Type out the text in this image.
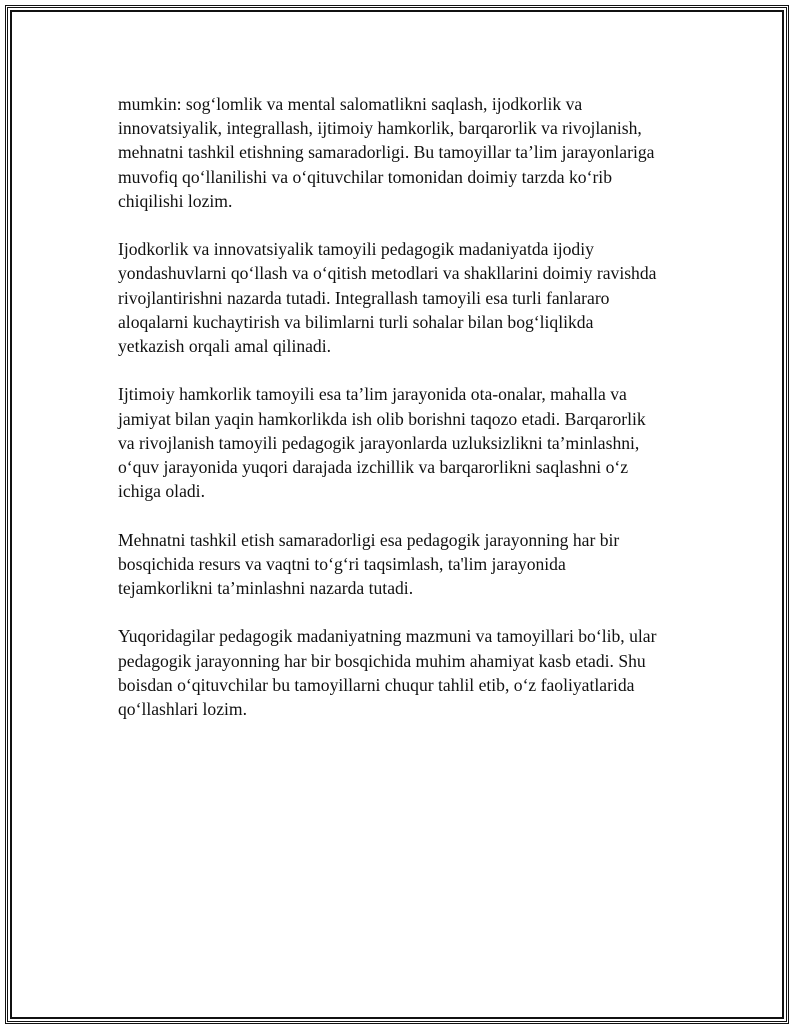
mumkin: sog‘lomlik va mental salomatlikni saqlash, ijodkorlik va
innovatsiyalik, integrallash, ijtimoiy hamkorlik, barqarorlik va rivojlanish,
mehnatni tashkil etishning samaradorligi. Bu tamoyillar ta’lim jarayonlariga
muvofiq qo‘llanilishi va o‘qituvchilar tomonidan doimiy tarzda ko‘rib
chiqilishi lozim.

Ijodkorlik va innovatsiyalik tamoyili pedagogik madaniyatda ijodiy
yondashuvlarni qo‘llash va o‘qitish metodlari va shakllarini doimiy ravishda
rivojlantirishni nazarda tutadi. Integrallash tamoyili esa turli fanlararo
aloqalarni kuchaytirish va bilimlarni turli sohalar bilan bog‘liqlikda
yetkazish orqali amal qilinadi.

Ijtimoiy hamkorlik tamoyili esa ta’lim jarayonida ota-onalar, mahalla va
jamiyat bilan yaqin hamkorlikda ish olib borishni taqozo etadi. Barqarorlik
va rivojlanish tamoyili pedagogik jarayonlarda uzluksizlikni ta’minlashni,
o‘quv jarayonida yuqori darajada izchillik va barqarorlikni saqlashni o‘z
ichiga oladi.

Mehnatni tashkil etish samaradorligi esa pedagogik jarayonning har bir
bosqichida resurs va vaqtni to‘g‘ri taqsimlash, ta'lim jarayonida
tejamkorlikni ta’minlashni nazarda tutadi.

Yuqoridagilar pedagogik madaniyatning mazmuni va tamoyillari bo‘lib, ular
pedagogik jarayonning har bir bosqichida muhim ahamiyat kasb etadi. Shu
boisdan o‘qituvchilar bu tamoyillarni chuqur tahlil etib, o‘z faoliyatlarida
qo‘llashlari lozim.
